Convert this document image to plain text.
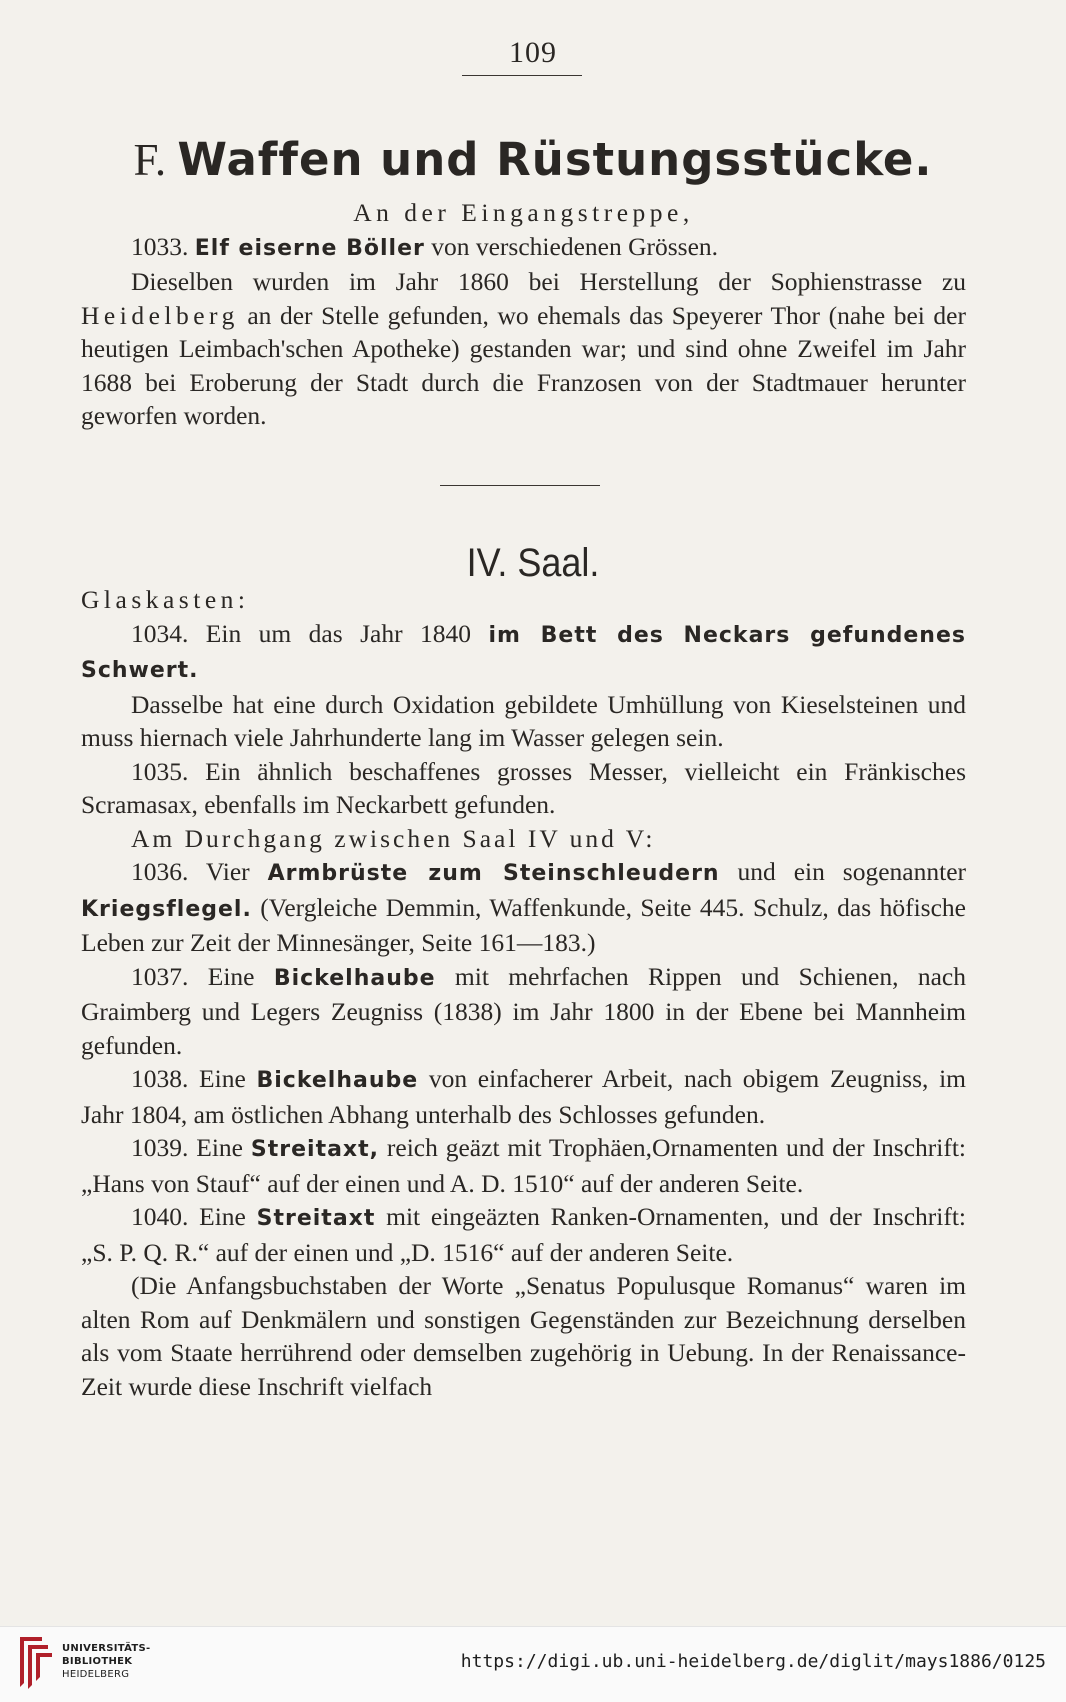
109
F. Waffen und Rüstungsstücke.

An der Eingangstreppe,

1033. Elf eiserne Böller von verschiedenen Grössen.

Dieselben wurden im Jahr 1860 bei Herstellung der Sophienstrasse zu Heidelberg an der Stelle gefunden, wo ehemals das Speyerer Thor (nahe bei der heutigen Leimbach'schen Apotheke) gestanden war; und sind ohne Zweifel im Jahr 1688 bei Eroberung der Stadt durch die Franzosen von der Stadtmauer herunter geworfen worden.

IV. Saal.

Glaskasten:

1034. Ein um das Jahr 1840 im Bett des Neckars gefundenes Schwert.

Dasselbe hat eine durch Oxidation gebildete Umhüllung von Kieselsteinen und muss hiernach viele Jahrhunderte lang im Wasser gelegen sein.

1035. Ein ähnlich beschaffenes grosses Messer, vielleicht ein Fränkisches Scramasax, ebenfalls im Neckarbett gefunden.

Am Durchgang zwischen Saal IV und V:

1036. Vier Armbrüste zum Steinschleudern und ein sogenannter Kriegsflegel. (Vergleiche Demmin, Waffenkunde, Seite 445. Schulz, das höfische Leben zur Zeit der Minnesänger, Seite 161—183.)

1037. Eine Bickelhaube mit mehrfachen Rippen und Schienen, nach Graimberg und Legers Zeugniss (1838) im Jahr 1800 in der Ebene bei Mannheim gefunden.

1038. Eine Bickelhaube von einfacherer Arbeit, nach obigem Zeugniss, im Jahr 1804, am östlichen Abhang unterhalb des Schlosses gefunden.

1039. Eine Streitaxt, reich geäzt mit Trophäen,Ornamenten und der Inschrift: „Hans von Stauf“ auf der einen und A. D. 1510“ auf der anderen Seite.

1040. Eine Streitaxt mit eingeäzten Ranken-Ornamenten, und der Inschrift: „S. P. Q. R.“ auf der einen und „D. 1516“ auf der anderen Seite.

(Die Anfangsbuchstaben der Worte „Senatus Populusque Romanus“ waren im alten Rom auf Denkmälern und sonstigen Gegenständen zur Bezeichnung derselben als vom Staate herrührend oder demselben zugehörig in Uebung. In der Renaissance-Zeit wurde diese Inschrift vielfach

UNIVERSITÄTS-
BIBLIOTHEK
HEIDELBERG
https://digi.ub.uni-heidelberg.de/diglit/mays1886/0125
